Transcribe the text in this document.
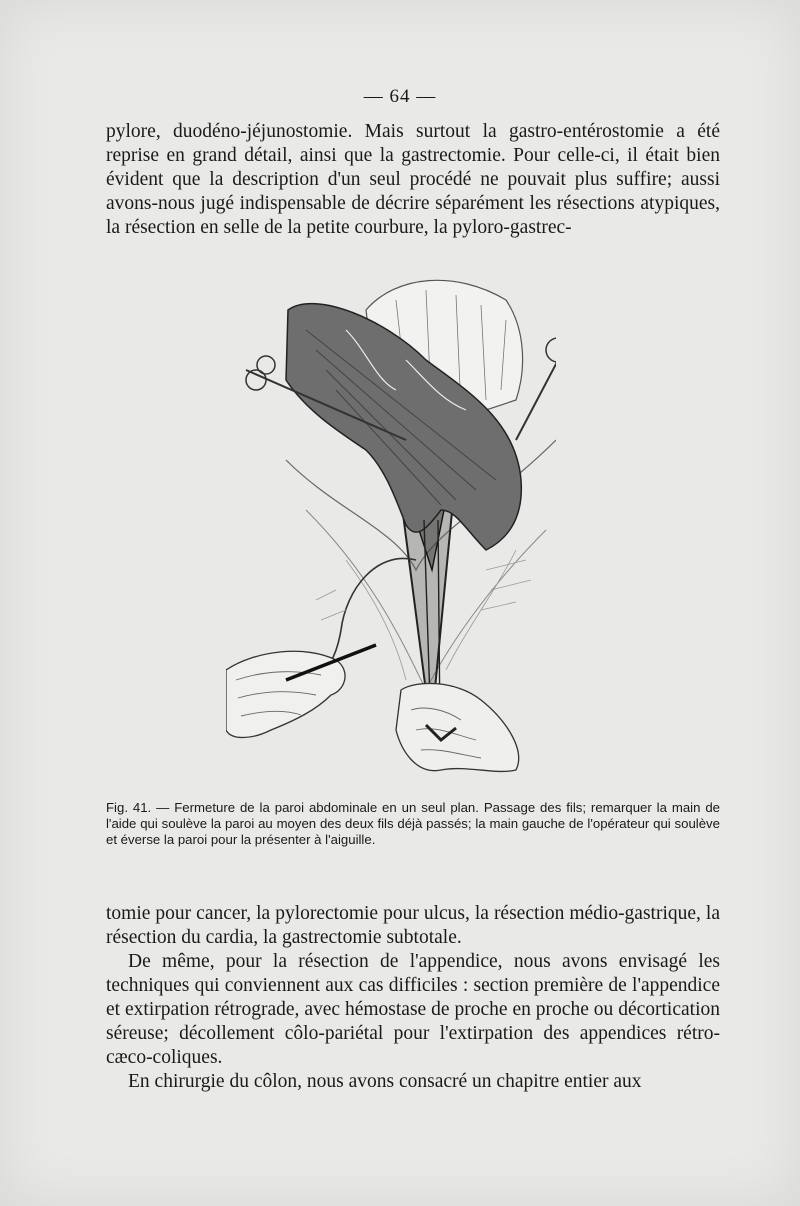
— 64 —

pylore, duodéno-jéjunostomie. Mais surtout la gastro-entérostomie a été reprise en grand détail, ainsi que la gastrectomie. Pour celle-ci, il était bien évident que la description d'un seul procédé ne pouvait plus suffire; aussi avons-nous jugé indispensable de décrire séparément les résections atypiques, la résection en selle de la petite courbure, la pyloro-gastrec-

Fig. 41. — Fermeture de la paroi abdominale en un seul plan. Passage des fils; remarquer la main de l'aide qui soulève la paroi au moyen des deux fils déjà passés; la main gauche de l'opérateur qui soulève et éverse la paroi pour la présenter à l'aiguille.

tomie pour cancer, la pylorectomie pour ulcus, la résection médio-gastrique, la résection du cardia, la gastrectomie subtotale.

De même, pour la résection de l'appendice, nous avons envisagé les techniques qui conviennent aux cas difficiles : section première de l'appendice et extirpation rétrograde, avec hémostase de proche en proche ou décortication séreuse; décollement côlo-pariétal pour l'extirpation des appendices rétro-cæco-coliques.

En chirurgie du côlon, nous avons consacré un chapitre entier aux
